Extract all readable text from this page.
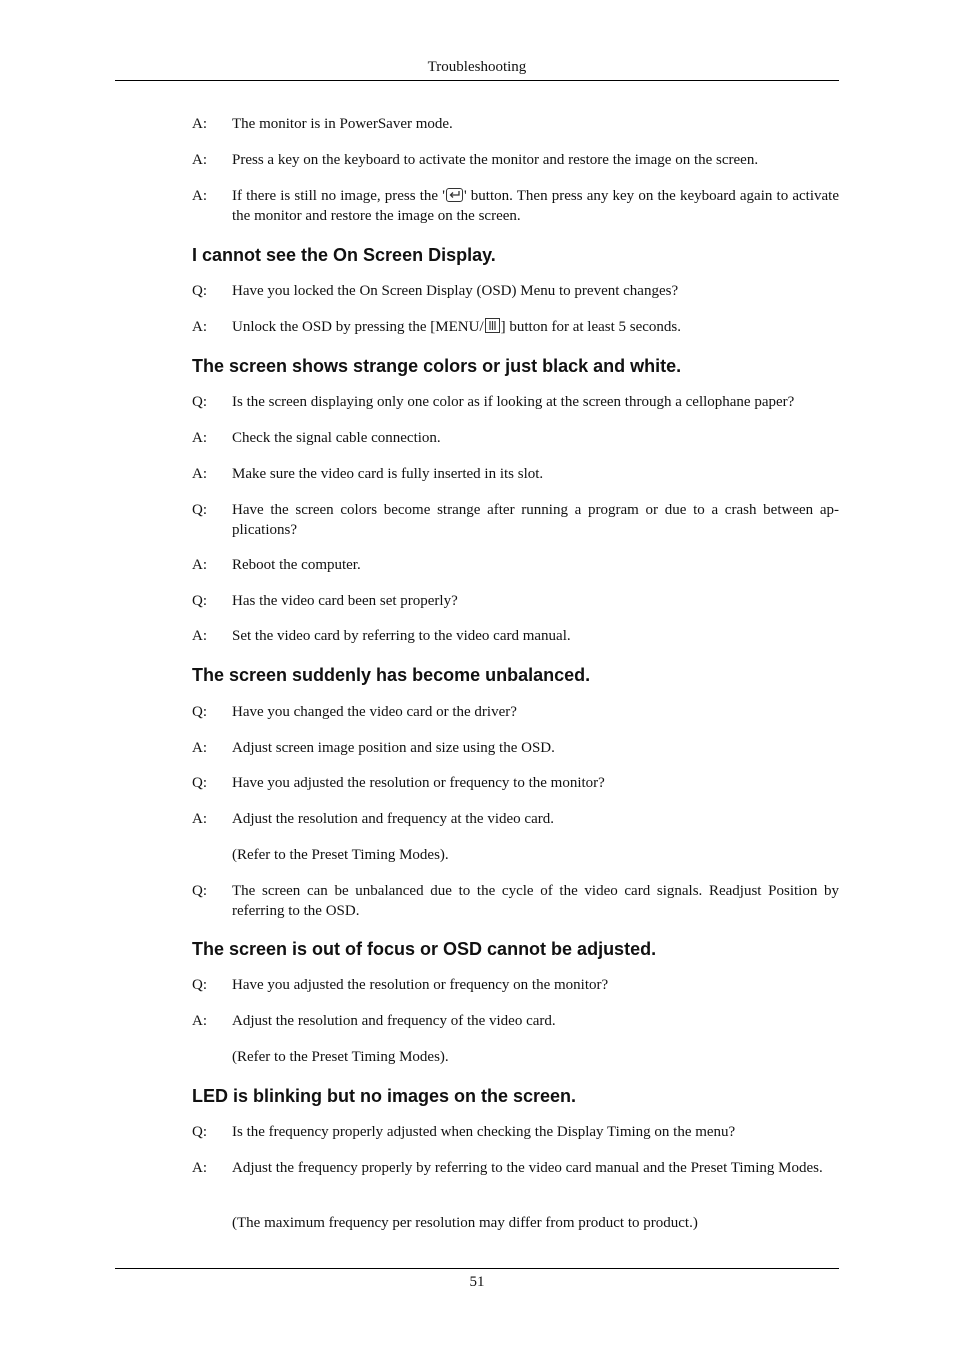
Troubleshooting
A:	The monitor is in PowerSaver mode.
A:	Press a key on the keyboard to activate the monitor and restore the image on the screen.
A:	If there is still no image, press the ' ' button. Then press any key on the keyboard again to activate the monitor and restore the image on the screen.
I cannot see the On Screen Display.
Q:	Have you locked the On Screen Display (OSD) Menu to prevent changes?
A:	Unlock the OSD by pressing the [MENU/ ] button for at least 5 seconds.
The screen shows strange colors or just black and white.
Q:	Is the screen displaying only one color as if looking at the screen through a cellophane paper?
A:	Check the signal cable connection.
A:	Make sure the video card is fully inserted in its slot.
Q:	Have the screen colors become strange after running a program or due to a crash between ap-plications?
A:	Reboot the computer.
Q:	Has the video card been set properly?
A:	Set the video card by referring to the video card manual.
The screen suddenly has become unbalanced.
Q:	Have you changed the video card or the driver?
A:	Adjust screen image position and size using the OSD.
Q:	Have you adjusted the resolution or frequency to the monitor?
A:	Adjust the resolution and frequency at the video card.
(Refer to the Preset Timing Modes).
Q:	The screen can be unbalanced due to the cycle of the video card signals. Readjust Position by referring to the OSD.
The screen is out of focus or OSD cannot be adjusted.
Q:	Have you adjusted the resolution or frequency on the monitor?
A:	Adjust the resolution and frequency of the video card.
(Refer to the Preset Timing Modes).
LED is blinking but no images on the screen.
Q:	Is the frequency properly adjusted when checking the Display Timing on the menu?
A:	Adjust the frequency properly by referring to the video card manual and the Preset Timing Modes.
(The maximum frequency per resolution may differ from product to product.)
51
